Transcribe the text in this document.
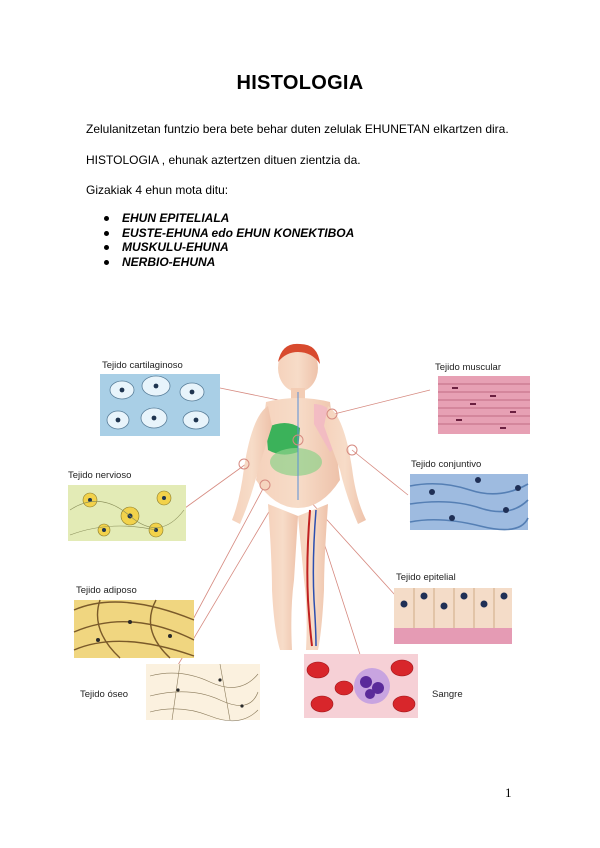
HISTOLOGIA
Zelulanitzetan funtzio bera bete behar duten zelulak EHUNETAN elkartzen dira.
HISTOLOGIA , ehunak aztertzen dituen zientzia da.
Gizakiak 4 ehun mota ditu:
EHUN EPITELIALA
EUSTE-EHUNA edo EHUN KONEKTIBOA
MUSKULU-EHUNA
NERBIO-EHUNA
Tejido cartilaginoso	Tejido muscular
Tejido nervioso
Tejido conjuntivo
Tejido epitelial
Tejido adiposo
Tejido óseo	Sangre
1
